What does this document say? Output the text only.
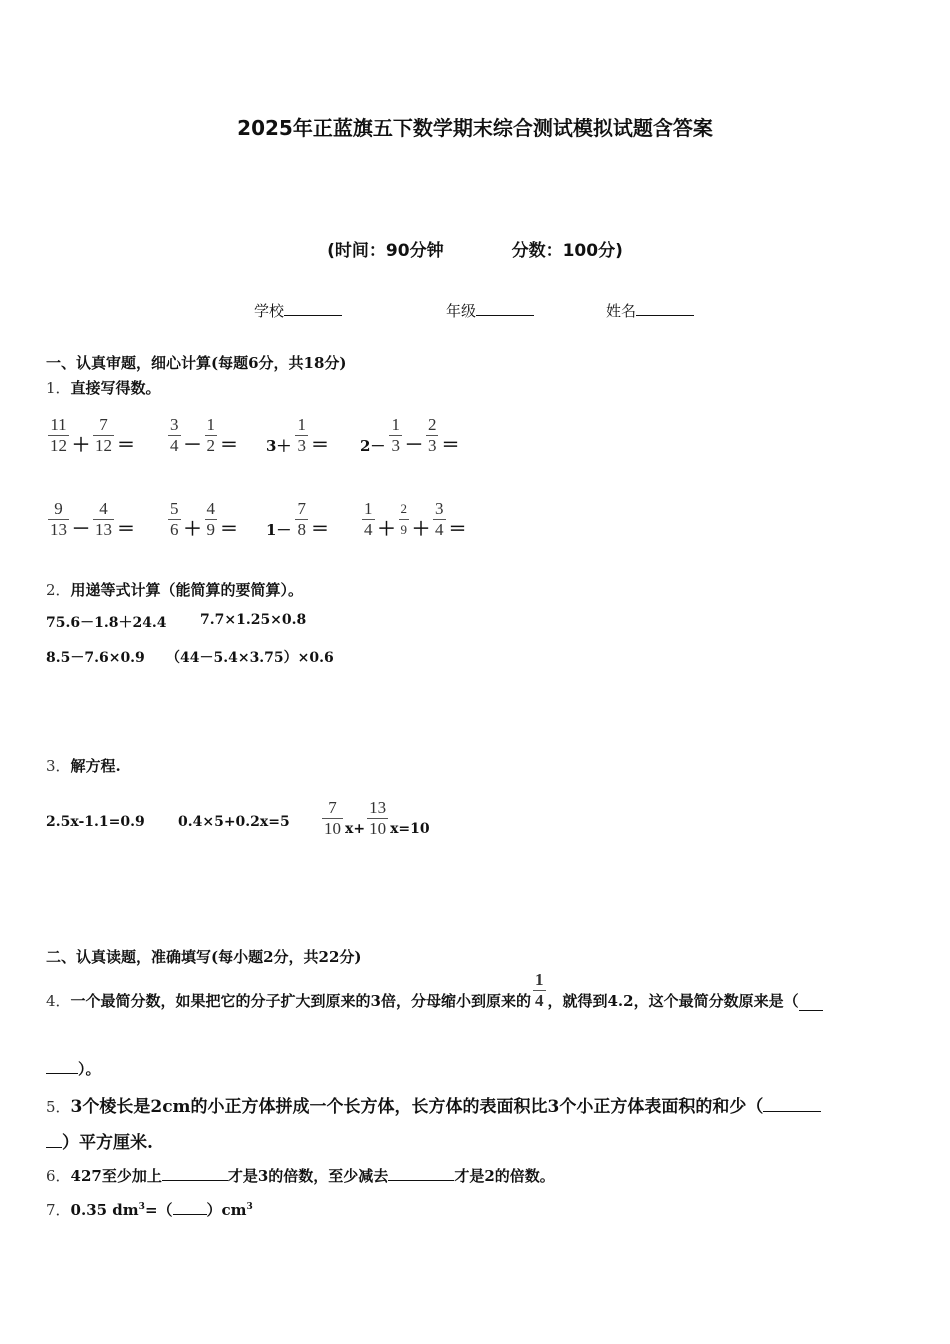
2025年正蓝旗五下数学期末综合测试模拟试题含答案
(时间：90分钟	分数：100分)
学校	年级	姓名
一、认真审题，细心计算(每题6分，共18分)
1．直接写得数。
$\frac{11}{12} + \frac{7}{12} = \frac{3}{4} - \frac{1}{2} = 3+ \frac{1}{3} = 2- \frac{1}{3} - \frac{2}{3}$ ＝
$\frac{9}{13} - \frac{4}{13} = \frac{5}{6} + \frac{4}{9} = 1- \frac{7}{8} = \frac{1}{4} + \frac{2}{9} + \frac{3}{4}$ ＝
2．用递等式计算（能简算的要简算）。
75.6－1.8＋24.4 7.7×1.25×0.8
8.5－7.6×0.9 （44－5.4×3.75）×0.6
3．解方程.
2.5x-1.1=0.9 $0.4\times 5+0.2x=5 \frac{7}{10} x+ \frac{13}{10} x=10$
二、认真读题，准确填写(每小题2分，共22分)
4． 一个最简分数，如果把它的分子扩大到原来的3倍，分母缩小到原来的 $\frac{1}{4}$ ，就得到4.2，这个最简分数原来是（
）。
5．3个棱长是2cm的小正方体拼成一个长方体，长方体的表面积比3个小正方体表面积的和少（
）平方厘米.
6．427至少加上	才是3的倍数，至少减去	才是2的倍数。
7．0.35 $dm^3=$（ ）$cm^3$
